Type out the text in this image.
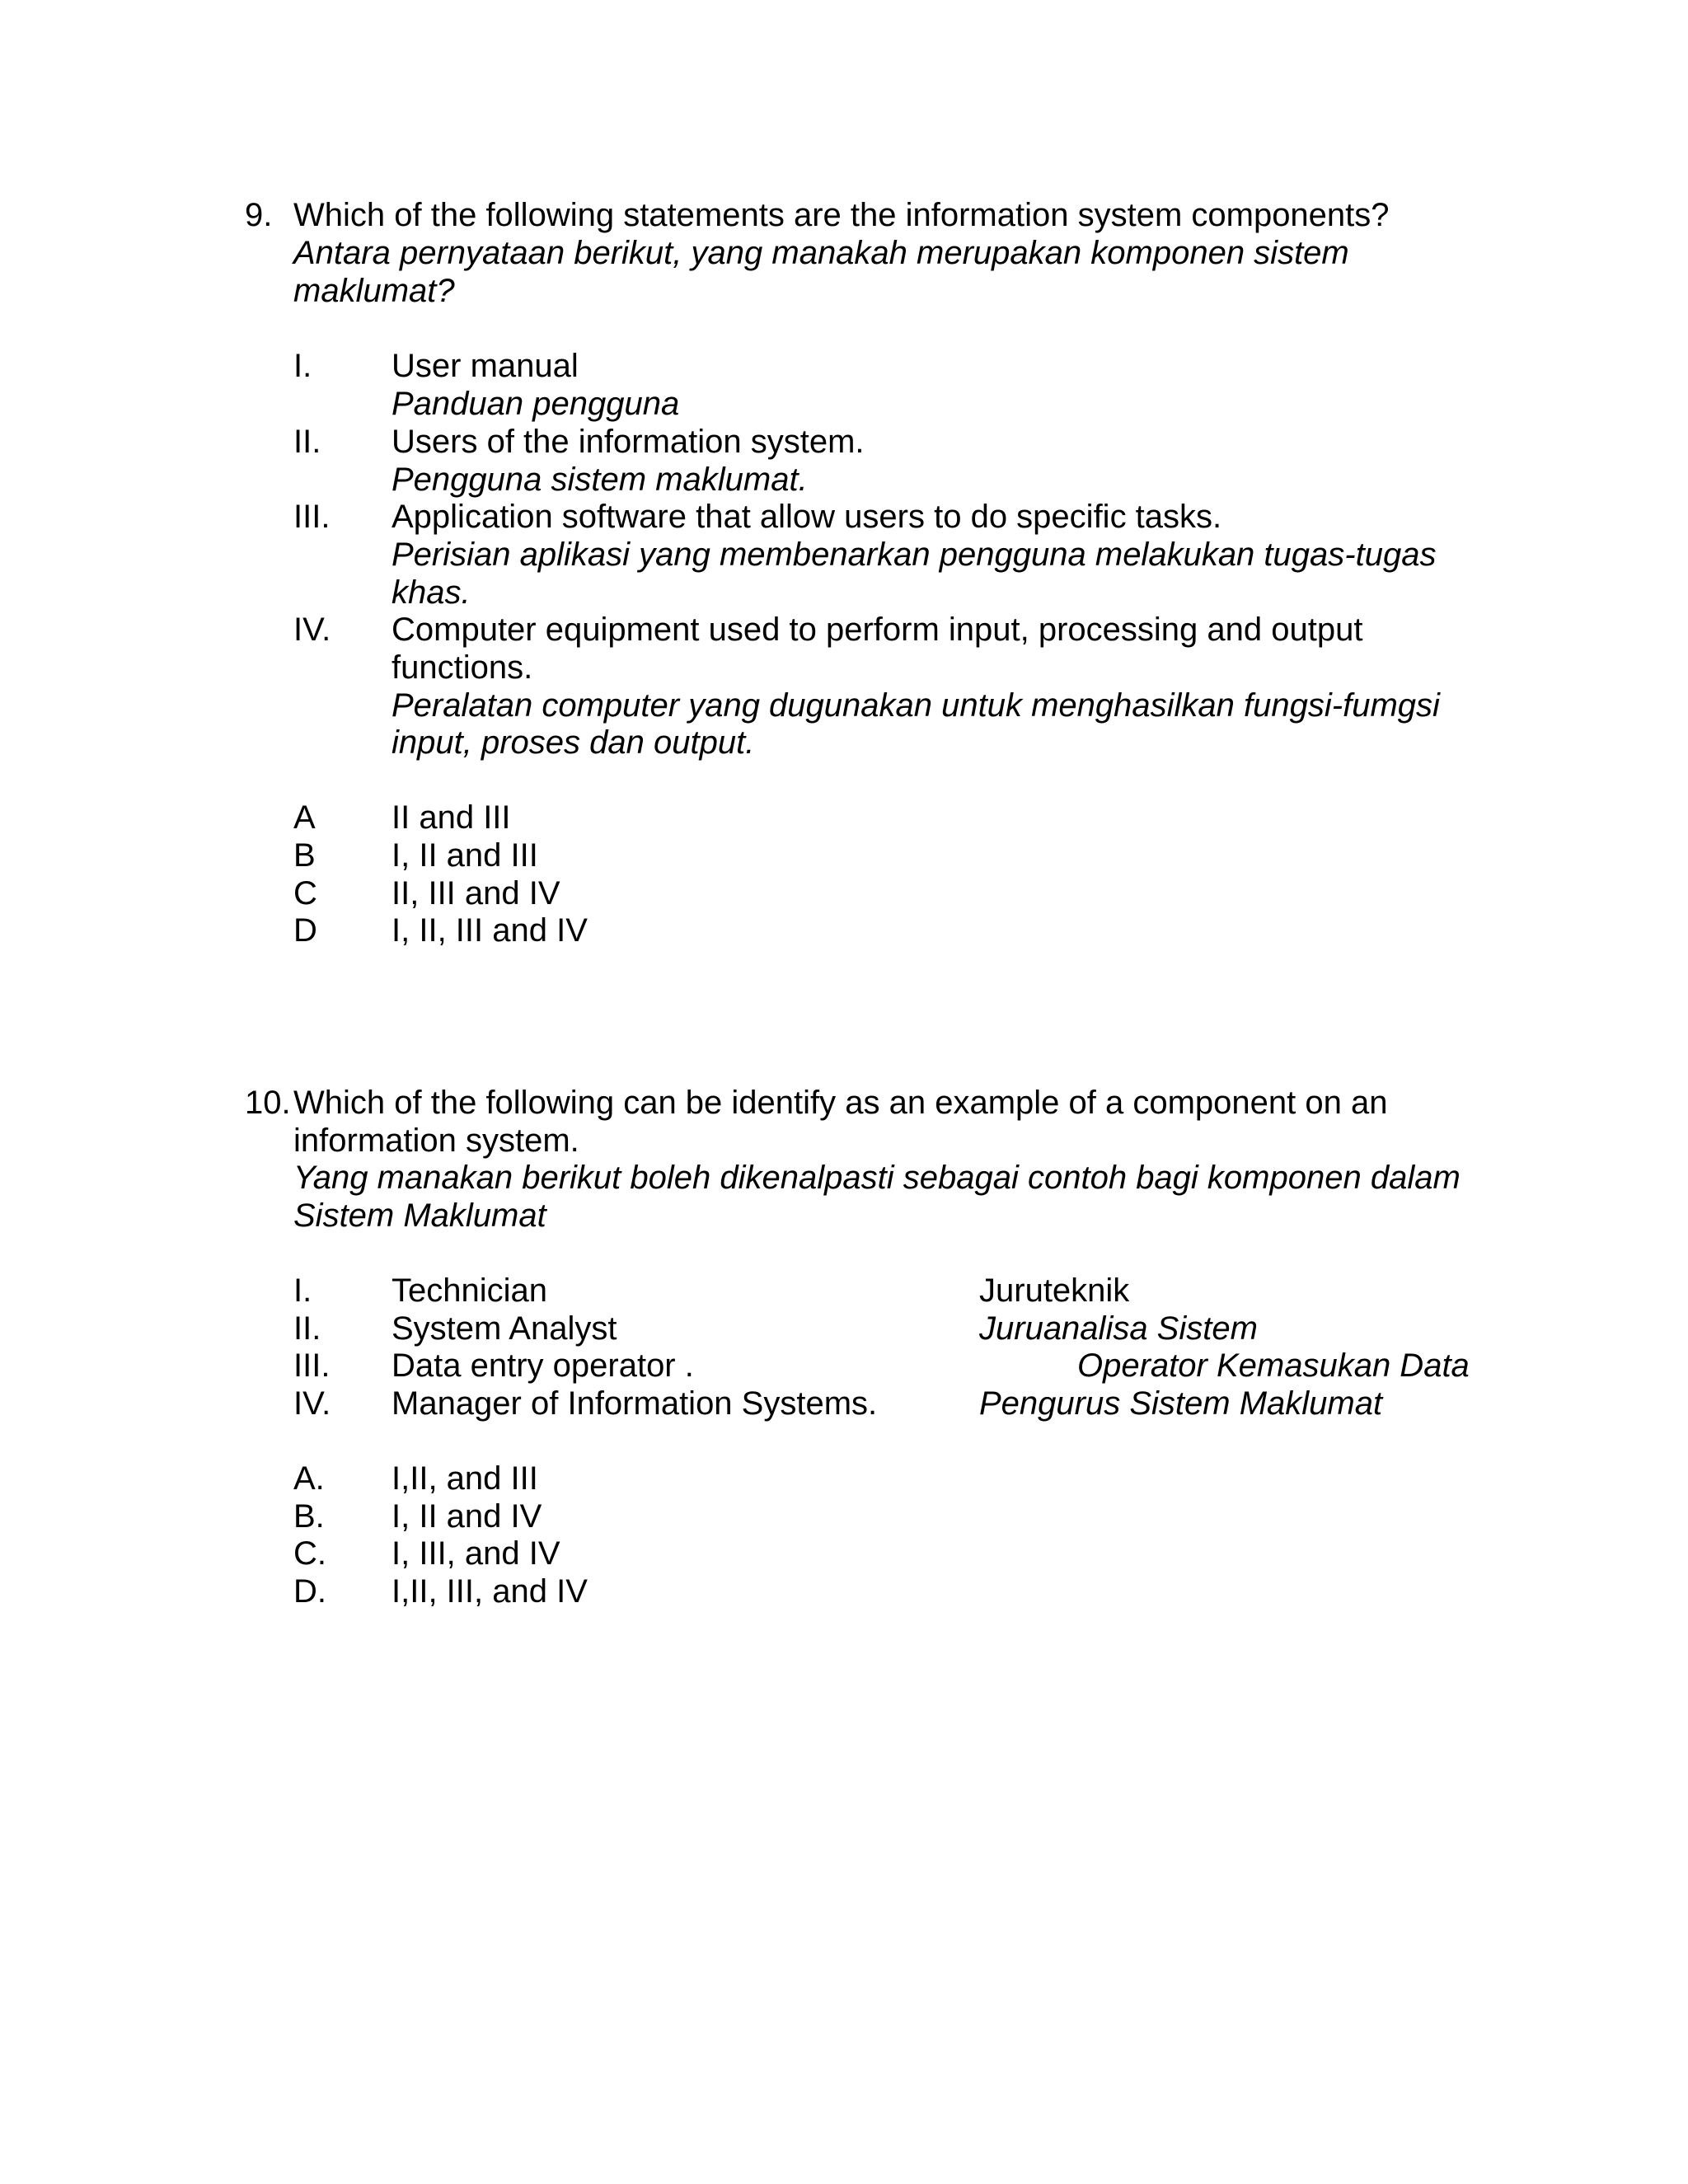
9. Which of the following statements are the information system components?
Antara pernyataan berikut, yang manakah merupakan komponen sistem
maklumat?
I. User manual
Panduan pengguna
II. Users of the information system.
Pengguna sistem maklumat.
III. Application software that allow users to do specific tasks.
Perisian aplikasi yang membenarkan pengguna melakukan tugas-tugas
khas.
IV. Computer equipment used to perform input, processing and output
functions.
Peralatan computer yang dugunakan untuk menghasilkan fungsi-fumgsi
input, proses dan output.
A II and III
B I, II and III
C II, III and IV
D I, II, III and IV
10. Which of the following can be identify as an example of a component on an
information system.
Yang manakan berikut boleh dikenalpasti sebagai contoh bagi komponen dalam
Sistem Maklumat
I. Technician	Juruteknik
II. System Analyst	Juruanalisa Sistem
III. Data entry operator .	Operator Kemasukan Data
IV. Manager of Information Systems.	Pengurus Sistem Maklumat
A. I,II, and III
B. I, II and IV
C. I, III, and IV
D. I,II, III, and IV
